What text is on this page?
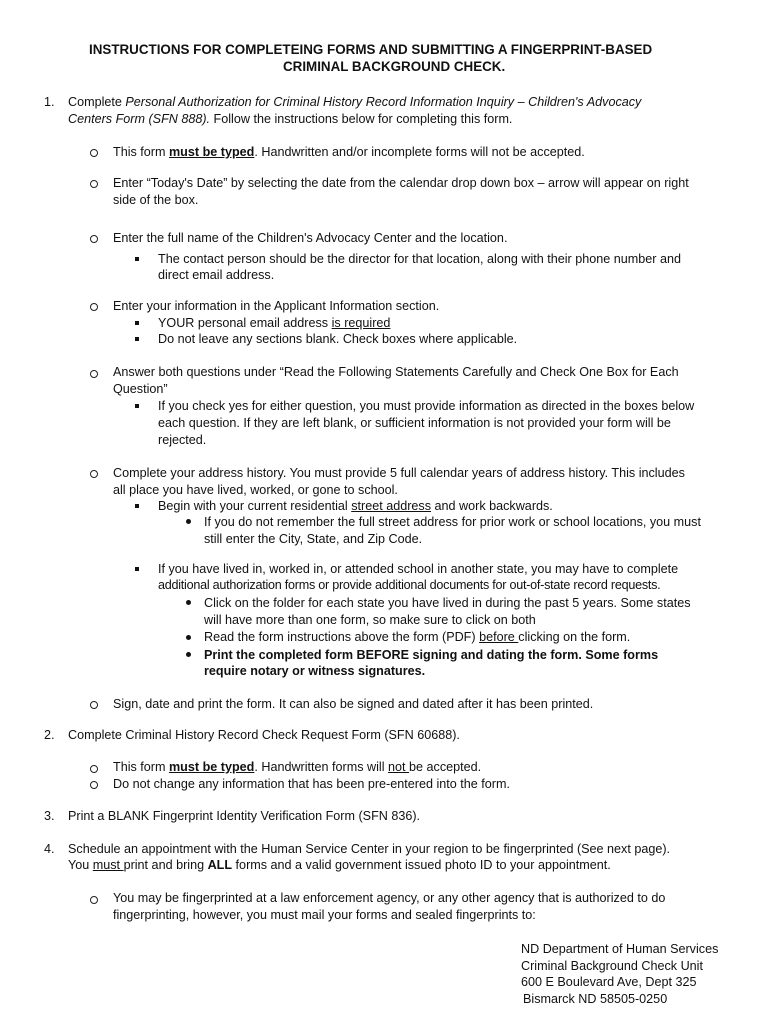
INSTRUCTIONS FOR COMPLETEING FORMS AND SUBMITTING A FINGERPRINT-BASED
CRIMINAL BACKGROUND CHECK.
1. Complete Personal Authorization for Criminal History Record Information Inquiry – Children's Advocacy
Centers Form (SFN 888). Follow the instructions below for completing this form.
This form must be typed. Handwritten and/or incomplete forms will not be accepted.
Enter “Today's Date” by selecting the date from the calendar drop down box – arrow will appear on right
side of the box.
Enter the full name of the Children's Advocacy Center and the location.
The contact person should be the director for that location, along with their phone number and
direct email address.
Enter your information in the Applicant Information section.
YOUR personal email address is required
Do not leave any sections blank. Check boxes where applicable.
Answer both questions under “Read the Following Statements Carefully and Check One Box for Each
Question”
If you check yes for either question, you must provide information as directed in the boxes below
each question. If they are left blank, or sufficient information is not provided your form will be
rejected.
Complete your address history. You must provide 5 full calendar years of address history. This includes
all place you have lived, worked, or gone to school.
Begin with your current residential street address and work backwards.
If you do not remember the full street address for prior work or school locations, you must
still enter the City, State, and Zip Code.
If you have lived in, worked in, or attended school in another state, you may have to complete
additional authorization forms or provide additional documents for out-of-state record requests.
Click on the folder for each state you have lived in during the past 5 years. Some states
will have more than one form, so make sure to click on both
Read the form instructions above the form (PDF) before clicking on the form.
Print the completed form BEFORE signing and dating the form. Some forms
require notary or witness signatures.
Sign, date and print the form. It can also be signed and dated after it has been printed.
2. Complete Criminal History Record Check Request Form (SFN 60688).
This form must be typed. Handwritten forms will not be accepted.
Do not change any information that has been pre-entered into the form.
3. Print a BLANK Fingerprint Identity Verification Form (SFN 836).
4. Schedule an appointment with the Human Service Center in your region to be fingerprinted (See next page).
You must print and bring ALL forms and a valid government issued photo ID to your appointment.
You may be fingerprinted at a law enforcement agency, or any other agency that is authorized to do
fingerprinting, however, you must mail your forms and sealed fingerprints to:
ND Department of Human Services
Criminal Background Check Unit
600 E Boulevard Ave, Dept 325
Bismarck ND 58505-0250
